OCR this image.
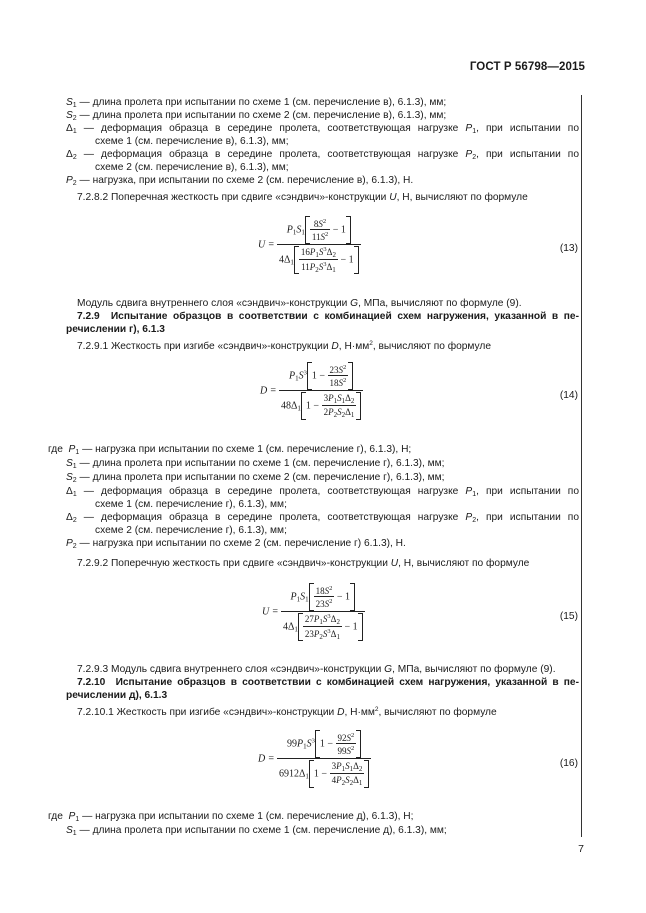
ГОСТ Р 56798—2015
$S_1$ — длина пролета при испытании по схеме 1 (см. перечисление в), 6.1.3), мм;
$S_2$ — длина пролета при испытании по схеме 2 (см. перечисление в), 6.1.3), мм;
$\Delta_1$ — деформация образца в середине пролета, соответствующая нагрузке $P_1$, при испытании по
схеме 1 (см. перечисление в), 6.1.3), мм;
$\Delta_2$ — деформация образца в середине пролета, соответствующая нагрузке $P_2$, при испытании по
схеме 2 (см. перечисление в), 6.1.3), мм;
$P_2$ — нагрузка, при испытании по схеме 2 (см. перечисление в), 6.1.3), Н.
7.2.8.2 Поперечная жесткость при сдвиге «сэндвич»-конструкции U, Н, вычисляют по формуле
$U = \frac{P_1S_1 \frac{8S^2}{11S^2} - 1}{4\Delta_1 \frac{16P_1S^3\Delta_2}{11P_2S^3\Delta_1} - 1}$	(13)
Модуль сдвига внутреннего слоя «сэндвич»-конструкции G, МПа, вычисляют по формуле (9).
7.2.9 Испытание образцов в соответствии с комбинацией схем нагружения, указанной в пе-
речислении г), 6.1.3
7.2.9.1 Жесткость при изгибе «сэндвич»-конструкции D, $Н\cdot мм^2$, вычисляют по формуле
$D = \frac{P_1S^3 1 - \frac{23S^2}{18S^2}}{48\Delta_1 1 - \frac{3P_1S_1\Delta_2}{2P_2S_2\Delta_1}}$	(14)
где $P_1$ — нагрузка при испытании по схеме 1 (см. перечисление г), 6.1.3), Н;
$S_1$ — длина пролета при испытании по схеме 1 (см. перечисление г), 6.1.3), мм;
$S_2$ — длина пролета при испытании по схеме 2 (см. перечисление г), 6.1.3), мм;
$\Delta_1$ — деформация образца в середине пролета, соответствующая нагрузке $P_1$, при испытании по
схеме 1 (см. перечисление г), 6.1.3), мм;
$\Delta_2$ — деформация образца в середине пролета, соответствующая нагрузке $P_2$, при испытании по
схеме 2 (см. перечисление г), 6.1.3), мм;
$P_2$ — нагрузка при испытании по схеме 2 (см. перечисление г) 6.1.3), Н.
7.2.9.2 Поперечную жесткость при сдвиге «сэндвич»-конструкции U, Н, вычисляют по формуле
$U = \frac{P_1S_1 \frac{18S^2}{23S^2} - 1}{4\Delta_1 \frac{27P_1S^3\Delta_2}{23P_2S^3\Delta_1} - 1}$	(15)
7.2.9.3 Модуль сдвига внутреннего слоя «сэндвич»-конструкции G, МПа, вычисляют по формуле (9).
7.2.10 Испытание образцов в соответствии с комбинацией схем нагружения, указанной в пе-
речислении д), 6.1.3
7.2.10.1 Жесткость при изгибе «сэндвич»-конструкции D, $Н\cdot мм^2$, вычисляют по формуле
$D = \frac{99P_1S^3 1 - \frac{92S^2}{99S^2}}{6912\Delta_1 1 - \frac{3P_1S_1\Delta_2}{4P_2S_2\Delta_1}}$	(16)
где $P_1$ — нагрузка при испытании по схеме 1 (см. перечисление д), 6.1.3), Н;
$S_1$ — длина пролета при испытании по схеме 1 (см. перечисление д), 6.1.3), мм;
7
